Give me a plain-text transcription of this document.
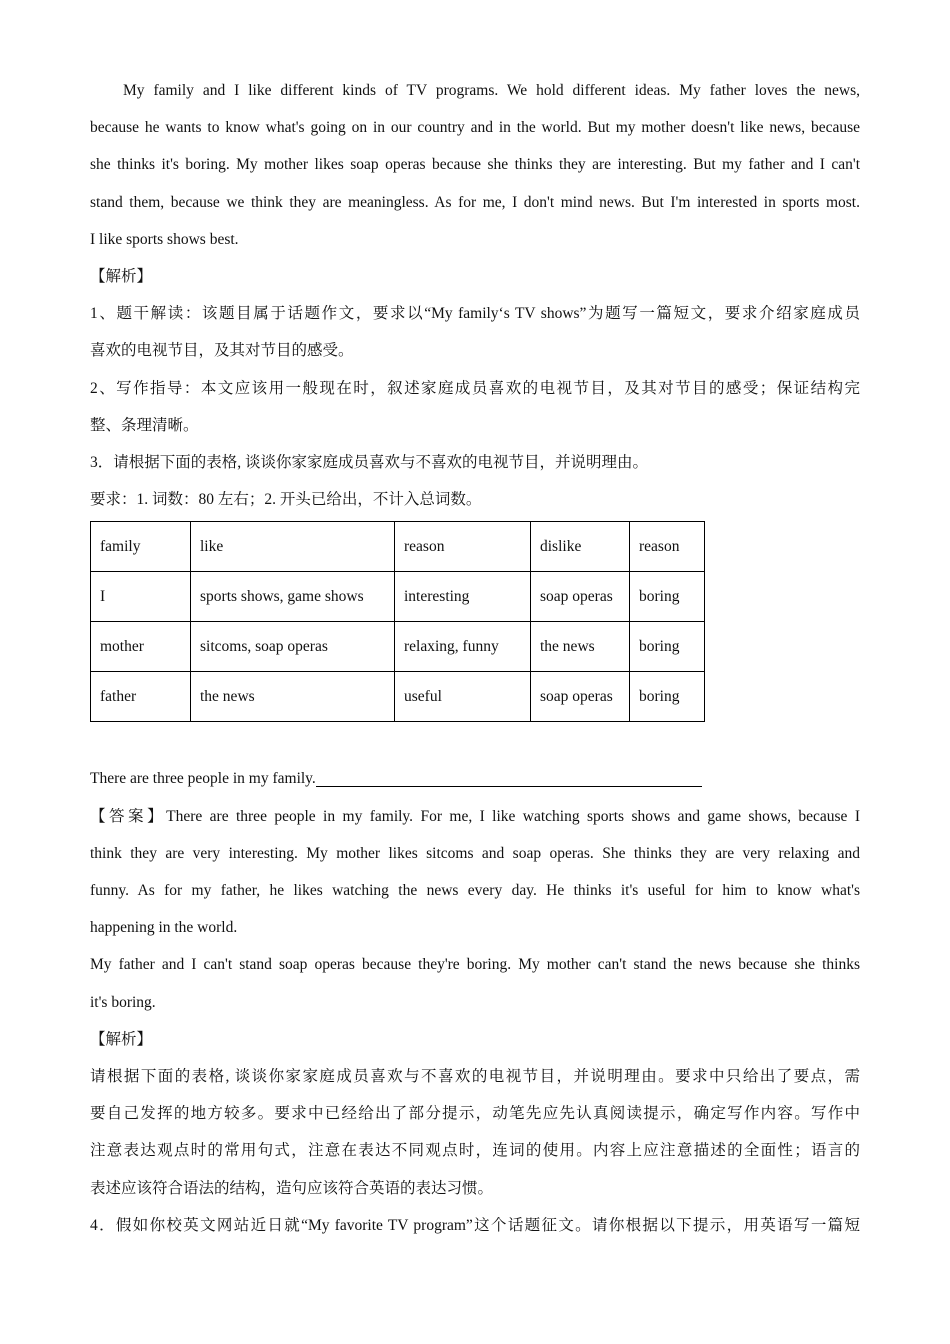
My family and I like different kinds of TV programs. We hold different ideas. My father loves the news,

because he wants to know what's going on in our country and in the world. But my mother doesn't like news, because

she thinks it's boring. My mother likes soap operas because she thinks they are interesting. But my father and I can't

stand them, because we think they are meaningless. As for me, I don't mind news. But I'm interested in sports most.

I like sports shows best.

【解析】

1、题干解读：该题目属于话题作文，要求以“My family‘s TV shows”为题写一篇短文，要求介绍家庭成员

喜欢的电视节目，及其对节目的感受。

2、写作指导：本文应该用一般现在时，叙述家庭成员喜欢的电视节目，及其对节目的感受；保证结构完

整、条理清晰。

3．请根据下面的表格, 谈谈你家家庭成员喜欢与不喜欢的电视节目，并说明理由。

要求：1. 词数：80 左右；2. 开头已给出，不计入总词数。

family	like	reason	dislike	reason
I	sports shows, game shows	interesting	soap operas	boring
mother	sitcoms, soap operas	relaxing, funny	the news	boring
father	the news	useful	soap operas	boring

There are three people in my family.

【答案】There are three people in my family. For me, I like watching sports shows and game shows, because I

think they are very interesting. My mother likes sitcoms and soap operas. She thinks they are very relaxing and

funny. As for my father, he likes watching the news every day. He thinks it's useful for him to know what's

happening in the world.

My father and I can't stand soap operas because they're boring. My mother can't stand the news because she thinks

it's boring.

【解析】

请根据下面的表格, 谈谈你家家庭成员喜欢与不喜欢的电视节目，并说明理由。要求中只给出了要点，需

要自己发挥的地方较多。要求中已经给出了部分提示，动笔先应先认真阅读提示，确定写作内容。写作中

注意表达观点时的常用句式，注意在表达不同观点时，连词的使用。内容上应注意描述的全面性；语言的

表述应该符合语法的结构，造句应该符合英语的表达习惯。

4．假如你校英文网站近日就“My favorite TV program”这个话题征文。请你根据以下提示，用英语写一篇短
